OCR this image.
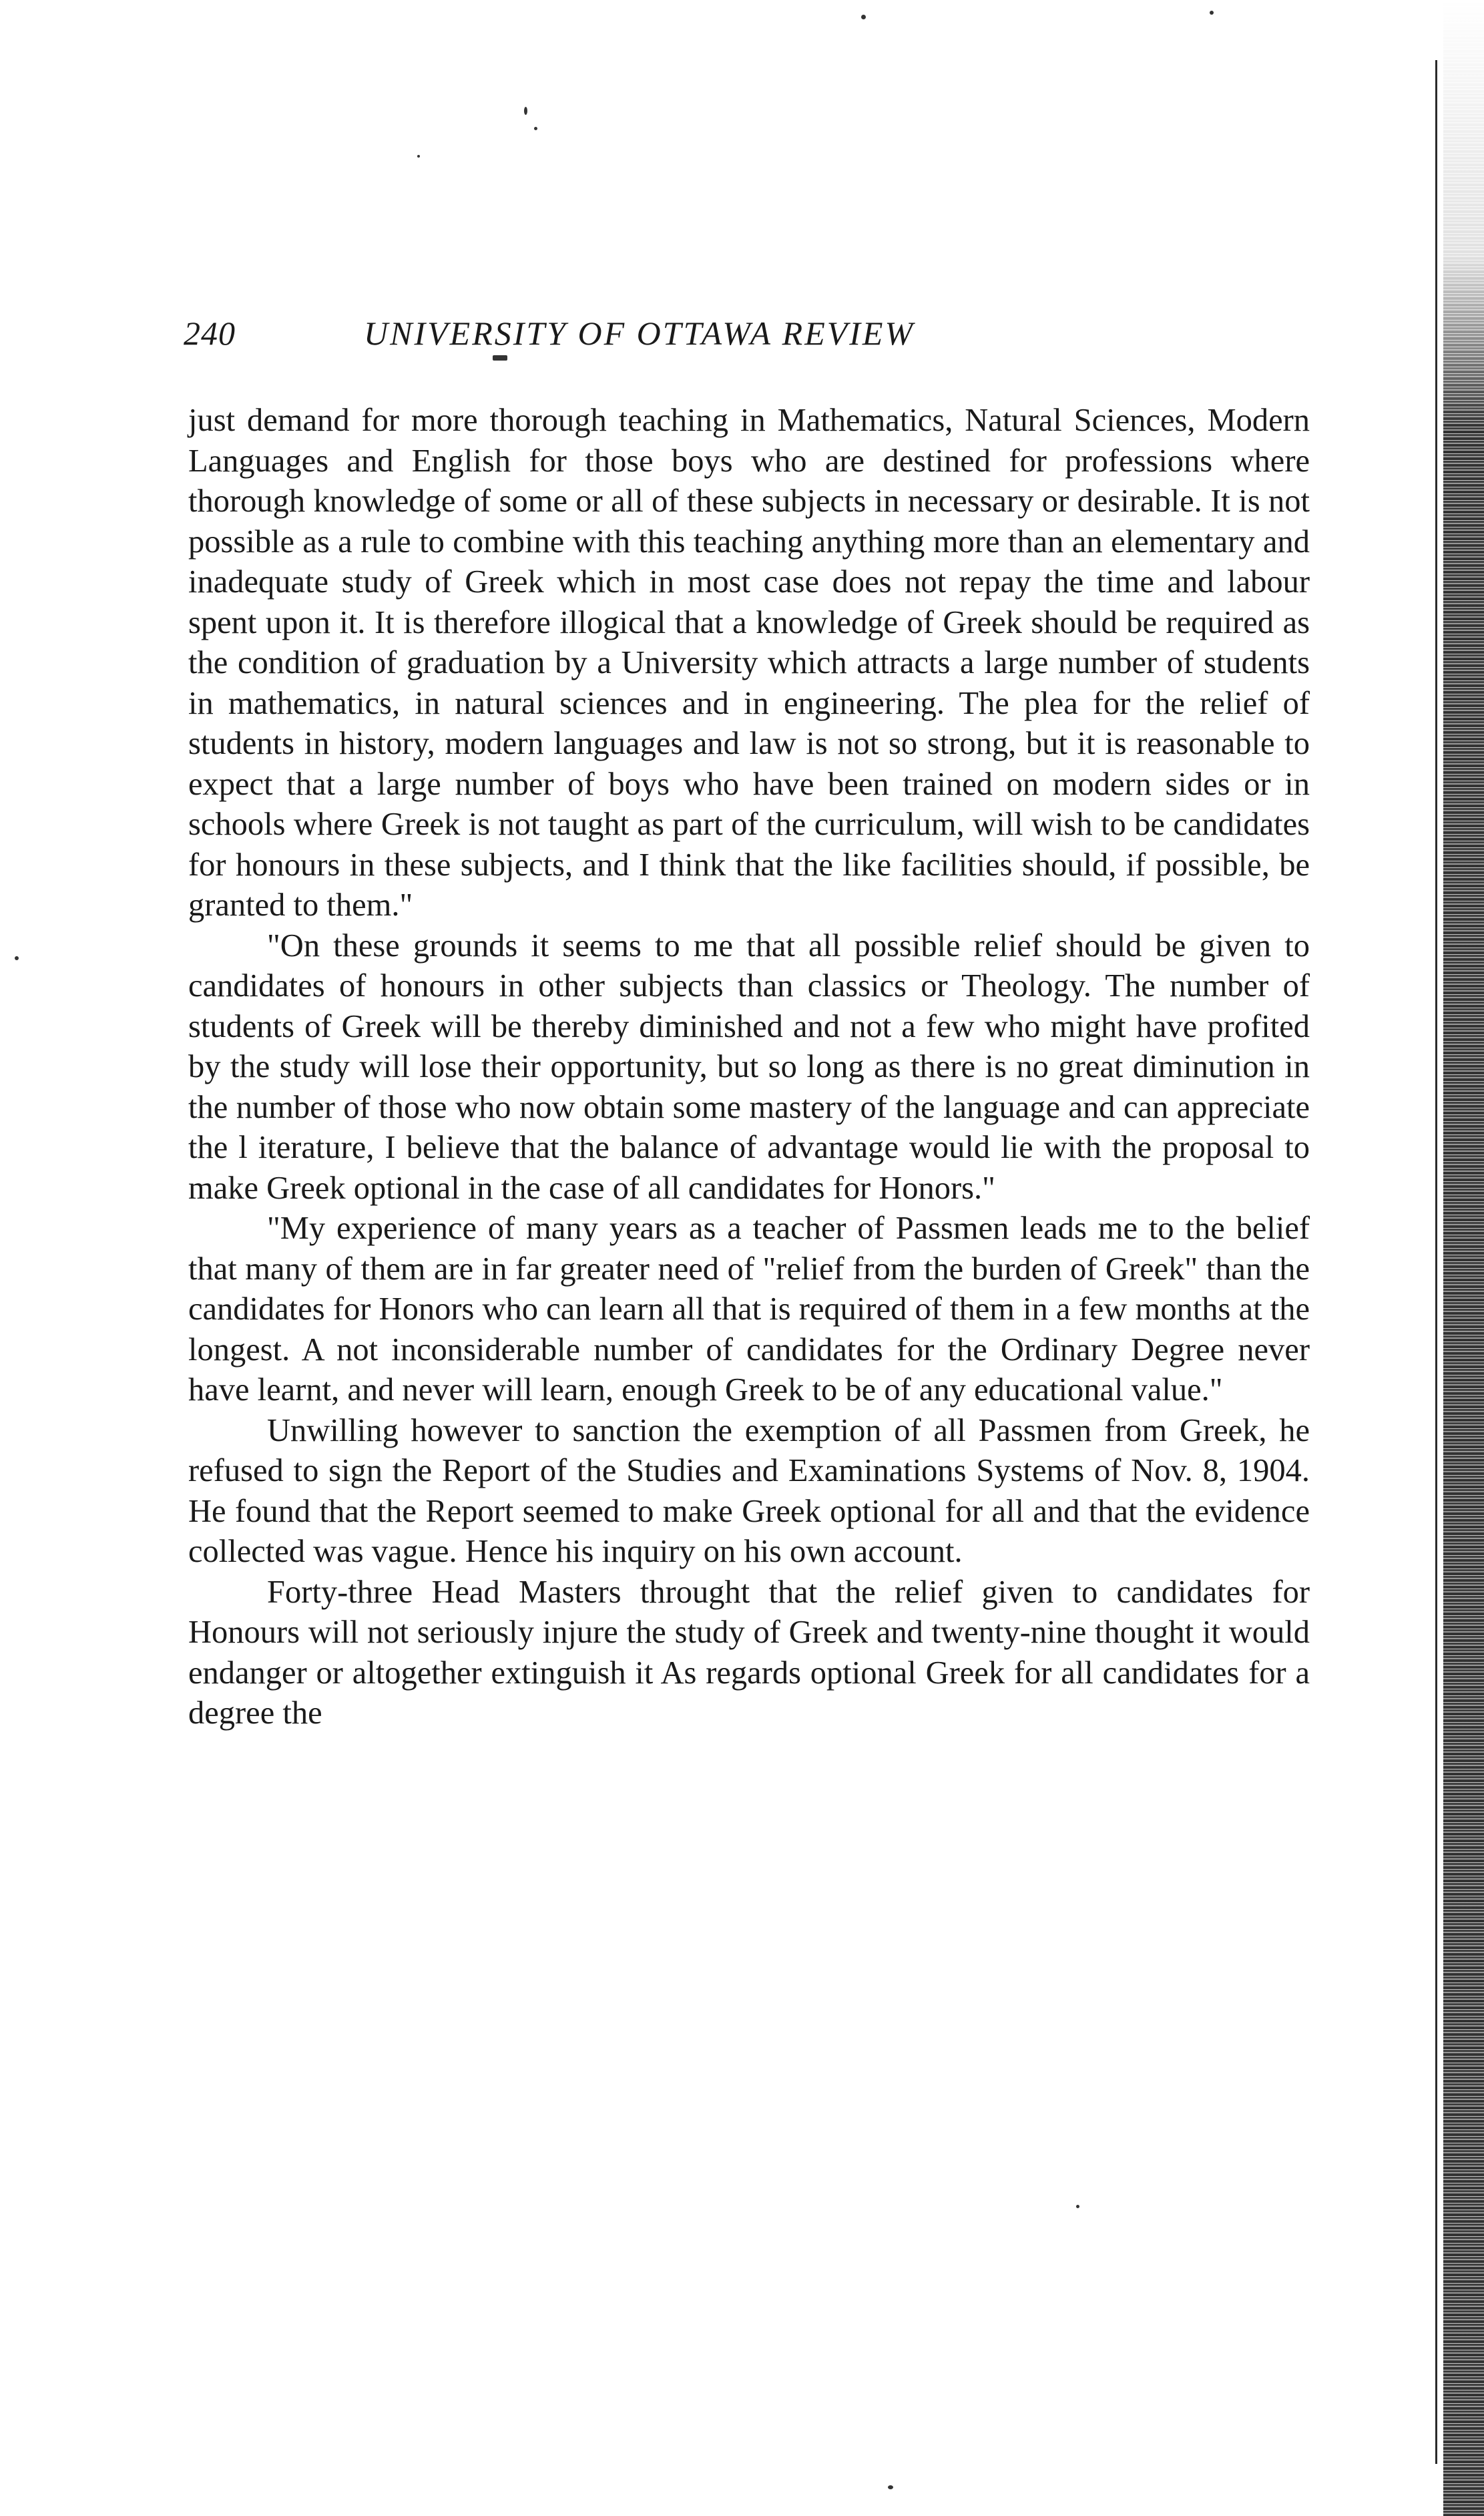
240	UNIVERSITY OF OTTAWA REVIEW

just demand for more thorough teaching in Mathematics, Natural Sciences, Modern Languages and English for those boys who are destined for professions where thorough knowledge of some or all of these subjects in necessary or desirable. It is not possible as a rule to combine with this teaching anything more than an elementary and inadequate study of Greek which in most case does not repay the time and labour spent upon it. It is therefore illogical that a knowledge of Greek should be required as the condition of graduation by a University which attracts a large number of students in mathematics, in natural sciences and in engineering. The plea for the relief of students in history, modern languages and law is not so strong, but it is reasonable to expect that a large number of boys who have been trained on modern sides or in schools where Greek is not taught as part of the curriculum, will wish to be candidates for honours in these subjects, and I think that the like facilities should, if possible, be granted to them."

"On these grounds it seems to me that all possible relief should be given to candidates of honours in other subjects than classics or Theology. The number of students of Greek will be thereby diminished and not a few who might have profited by the study will lose their opportunity, but so long as there is no great diminution in the number of those who now obtain some mastery of the language and can appreciate the l iterature, I believe that the balance of advantage would lie with the proposal to make Greek optional in the case of all candidates for Honors."

"My experience of many years as a teacher of Passmen leads me to the belief that many of them are in far greater need of "relief from the burden of Greek" than the candidates for Honors who can learn all that is required of them in a few months at the longest. A not inconsiderable number of candidates for the Ordinary Degree never have learnt, and never will learn, enough Greek to be of any educational value."

Unwilling however to sanction the exemption of all Passmen from Greek, he refused to sign the Report of the Studies and Examinations Systems of Nov. 8, 1904. He found that the Report seemed to make Greek optional for all and that the evidence collected was vague. Hence his inquiry on his own account.

Forty-three Head Masters throught that the relief given to candidates for Honours will not seriously injure the study of Greek and twenty-nine thought it would endanger or altogether extinguish it As regards optional Greek for all candidates for a degree the
